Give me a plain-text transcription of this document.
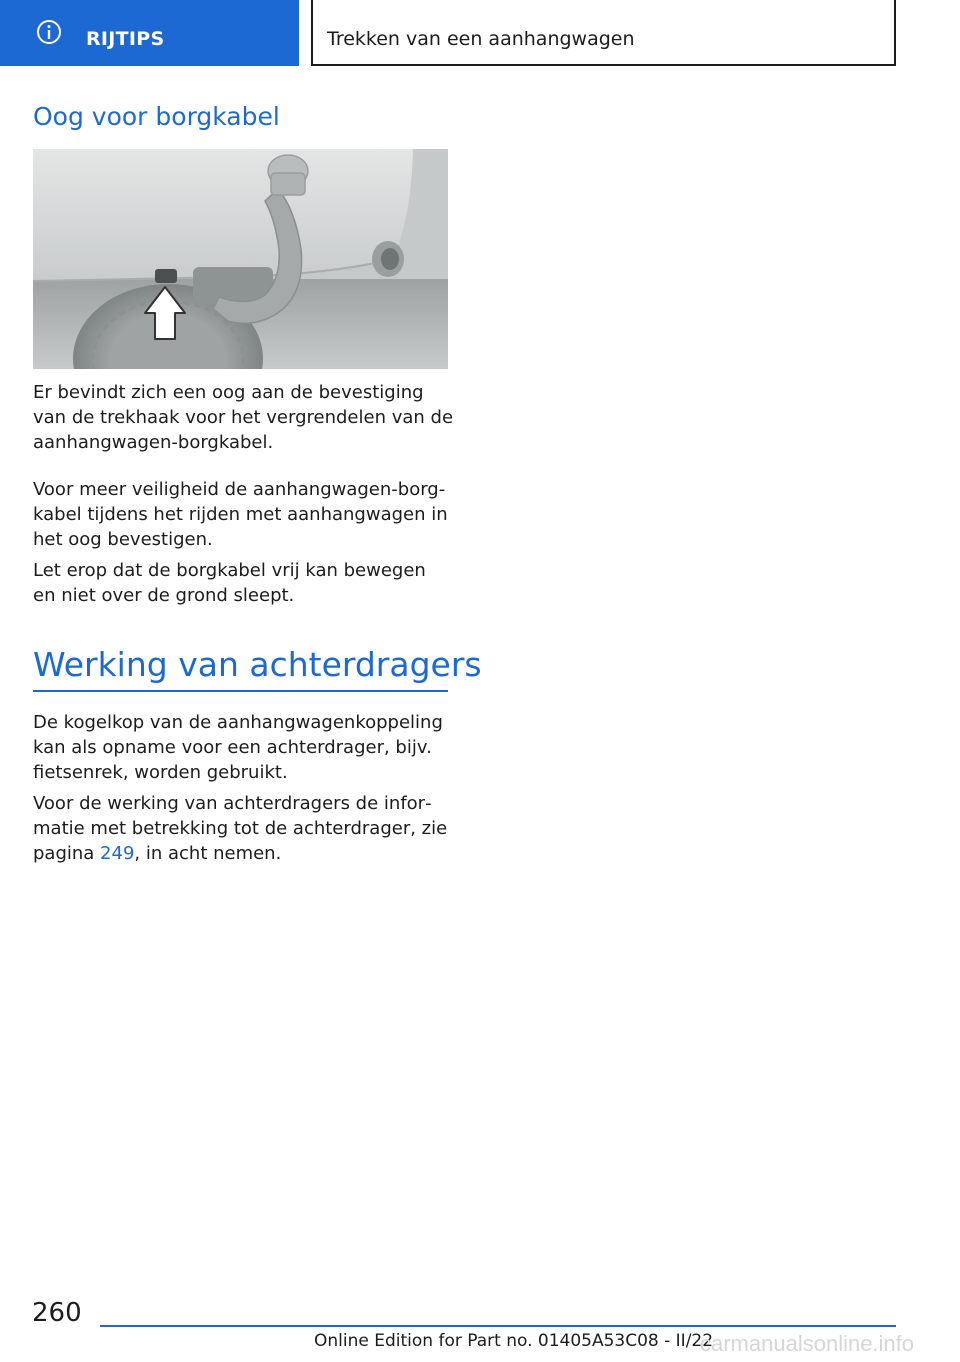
RIJTIPS	Trekken van een aanhangwagen
Oog voor borgkabel

Er bevindt zich een oog aan de bevestiging van de trekhaak voor het vergrendelen van de aanhangwagen-borgkabel.

Voor meer veiligheid de aanhangwagen-borgkabel tijdens het rijden met aanhangwagen in het oog bevestigen.

Let erop dat de borgkabel vrij kan bewegen en niet over de grond sleept.

Werking van achterdragers

De kogelkop van de aanhangwagenkoppeling kan als opname voor een achterdrager, bijv. fietsenrek, worden gebruikt.

Voor de werking van achterdragers de informatie met betrekking tot de achterdrager, zie pagina 249, in acht nemen.

260
Online Edition for Part no. 01405A53C08 - II/22
carmanualsonline.info
